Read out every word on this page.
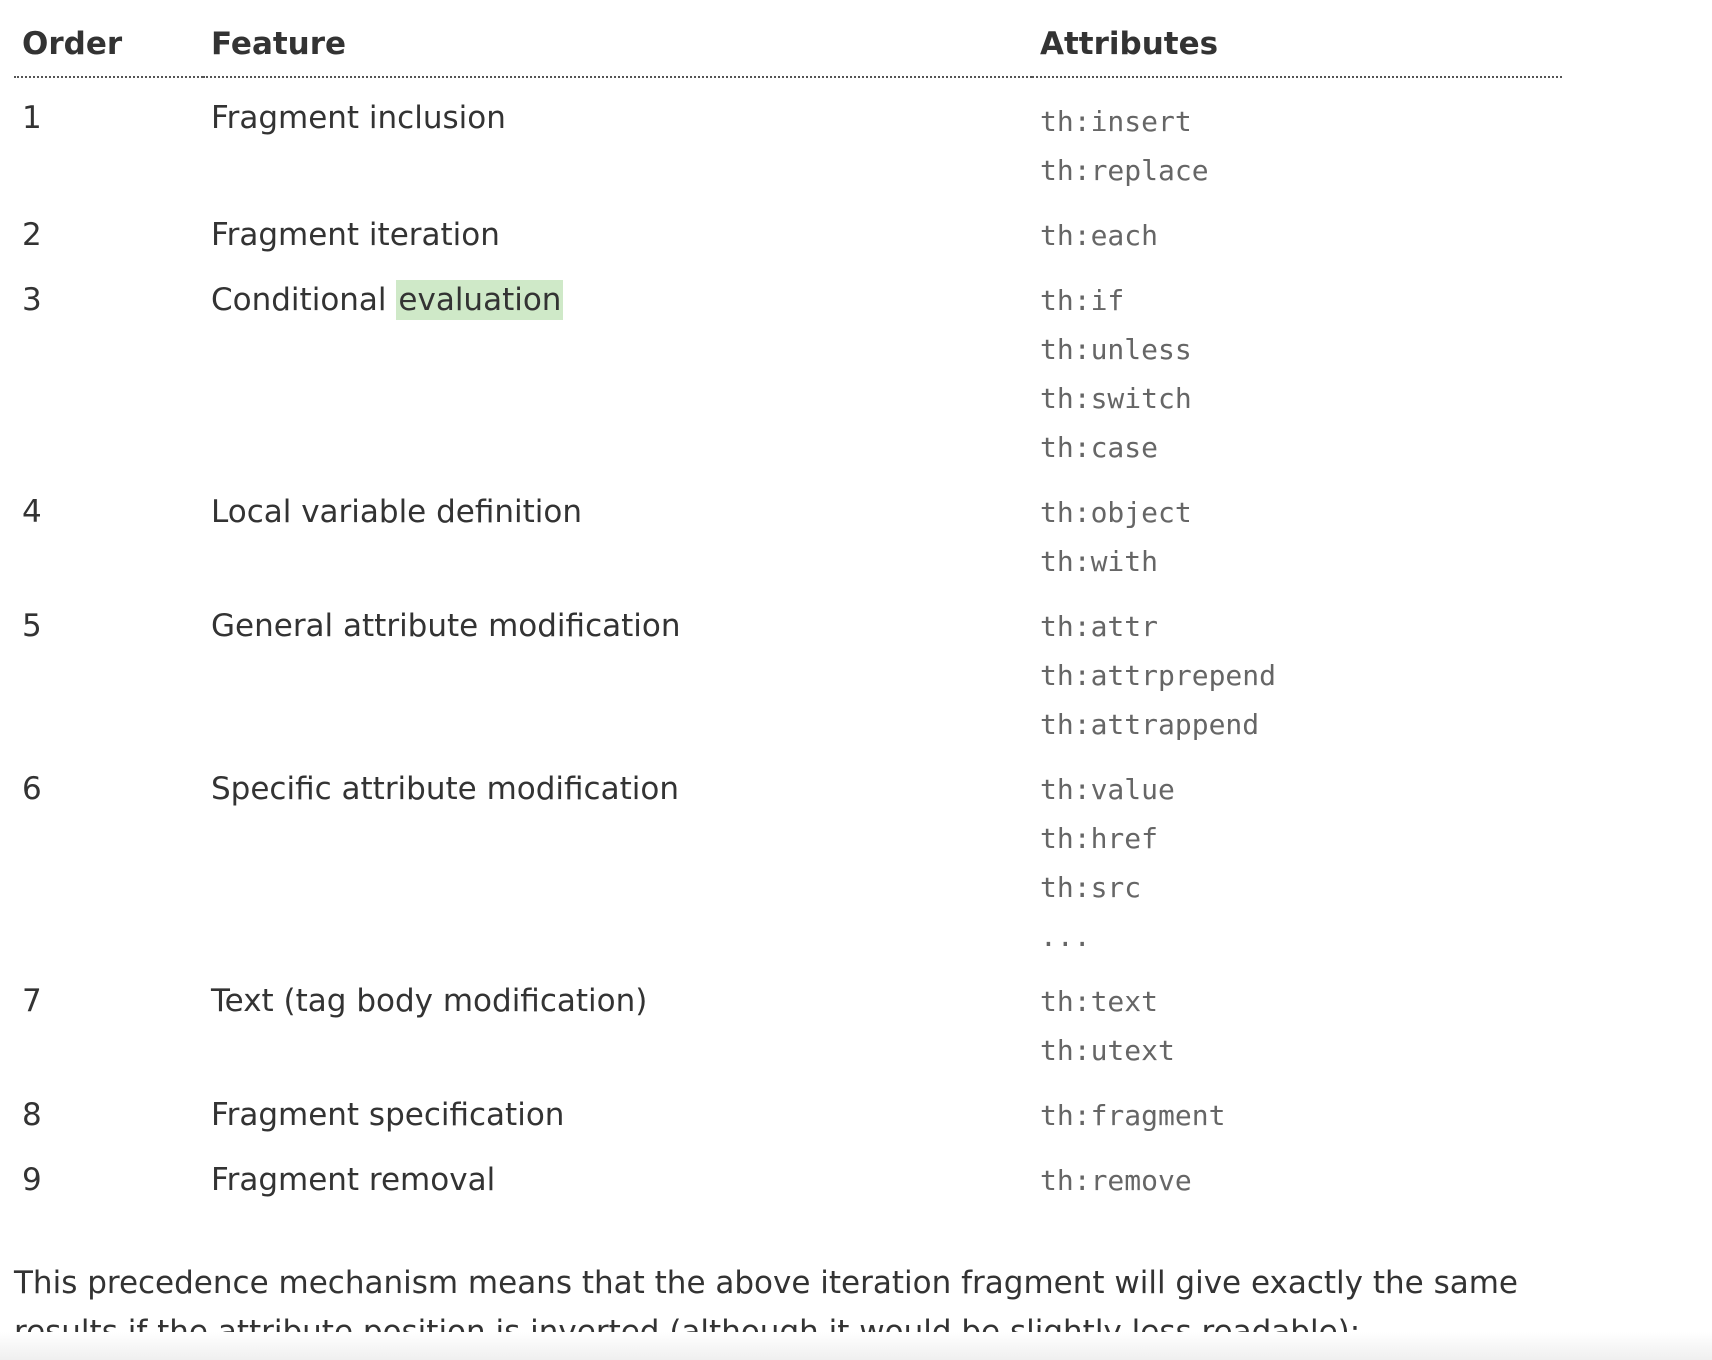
Order	Feature	Attributes
1	Fragment inclusion	th:insert
th:replace

2	Fragment iteration	th:each

3	Conditional evaluation	th:if
th:unless
th:switch
th:case

4	Local variable definition	th:object
th:with

5	General attribute modification	th:attr
th:attrprepend
th:attrappend

6	Specific attribute modification	th:value
th:href
th:src
...

7	Text (tag body modification)	th:text
th:utext

8	Fragment specification	th:fragment

9	Fragment removal	th:remove

This precedence mechanism means that the above iteration fragment will give exactly the same
